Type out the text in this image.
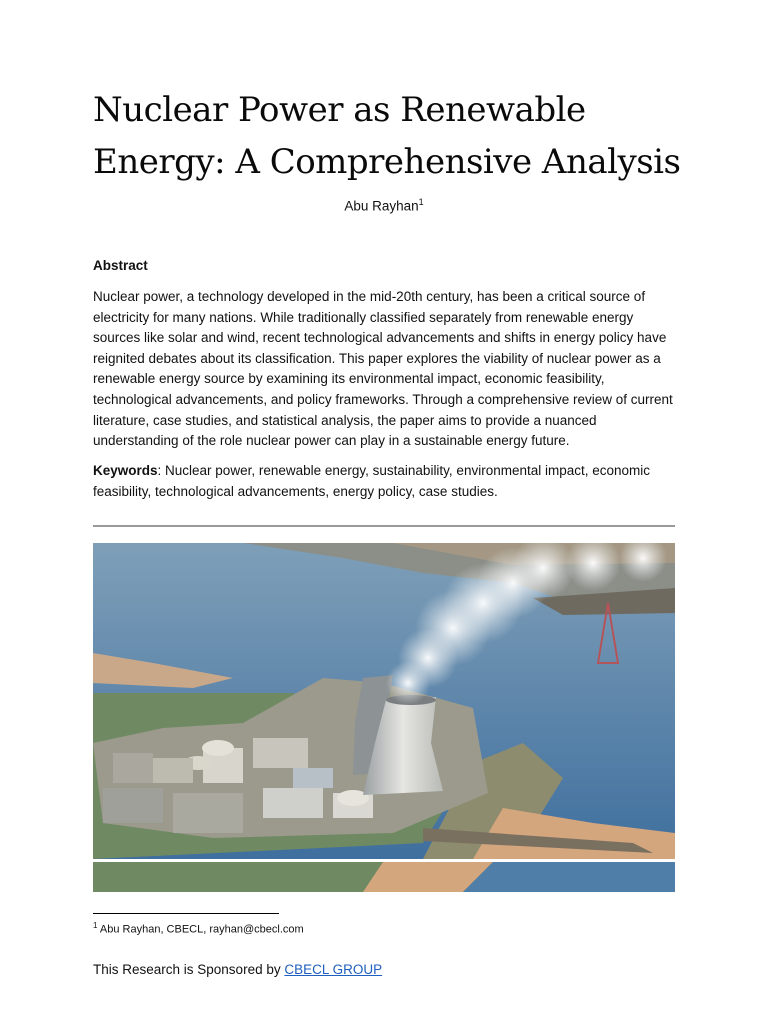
Nuclear Power as Renewable Energy: A Comprehensive Analysis
Abu Rayhan$^1$
Abstract
Nuclear power, a technology developed in the mid-20th century, has been a critical source of electricity for many nations. While traditionally classified separately from renewable energy sources like solar and wind, recent technological advancements and shifts in energy policy have reignited debates about its classification. This paper explores the viability of nuclear power as a renewable energy source by examining its environmental impact, economic feasibility, technological advancements, and policy frameworks. Through a comprehensive review of current literature, case studies, and statistical analysis, the paper aims to provide a nuanced understanding of the role nuclear power can play in a sustainable energy future.
Keywords: Nuclear power, renewable energy, sustainability, environmental impact, economic feasibility, technological advancements, energy policy, case studies.
$^1$ Abu Rayhan, CBECL, rayhan@cbecl.com
This Research is Sponsored by CBECL GROUP
